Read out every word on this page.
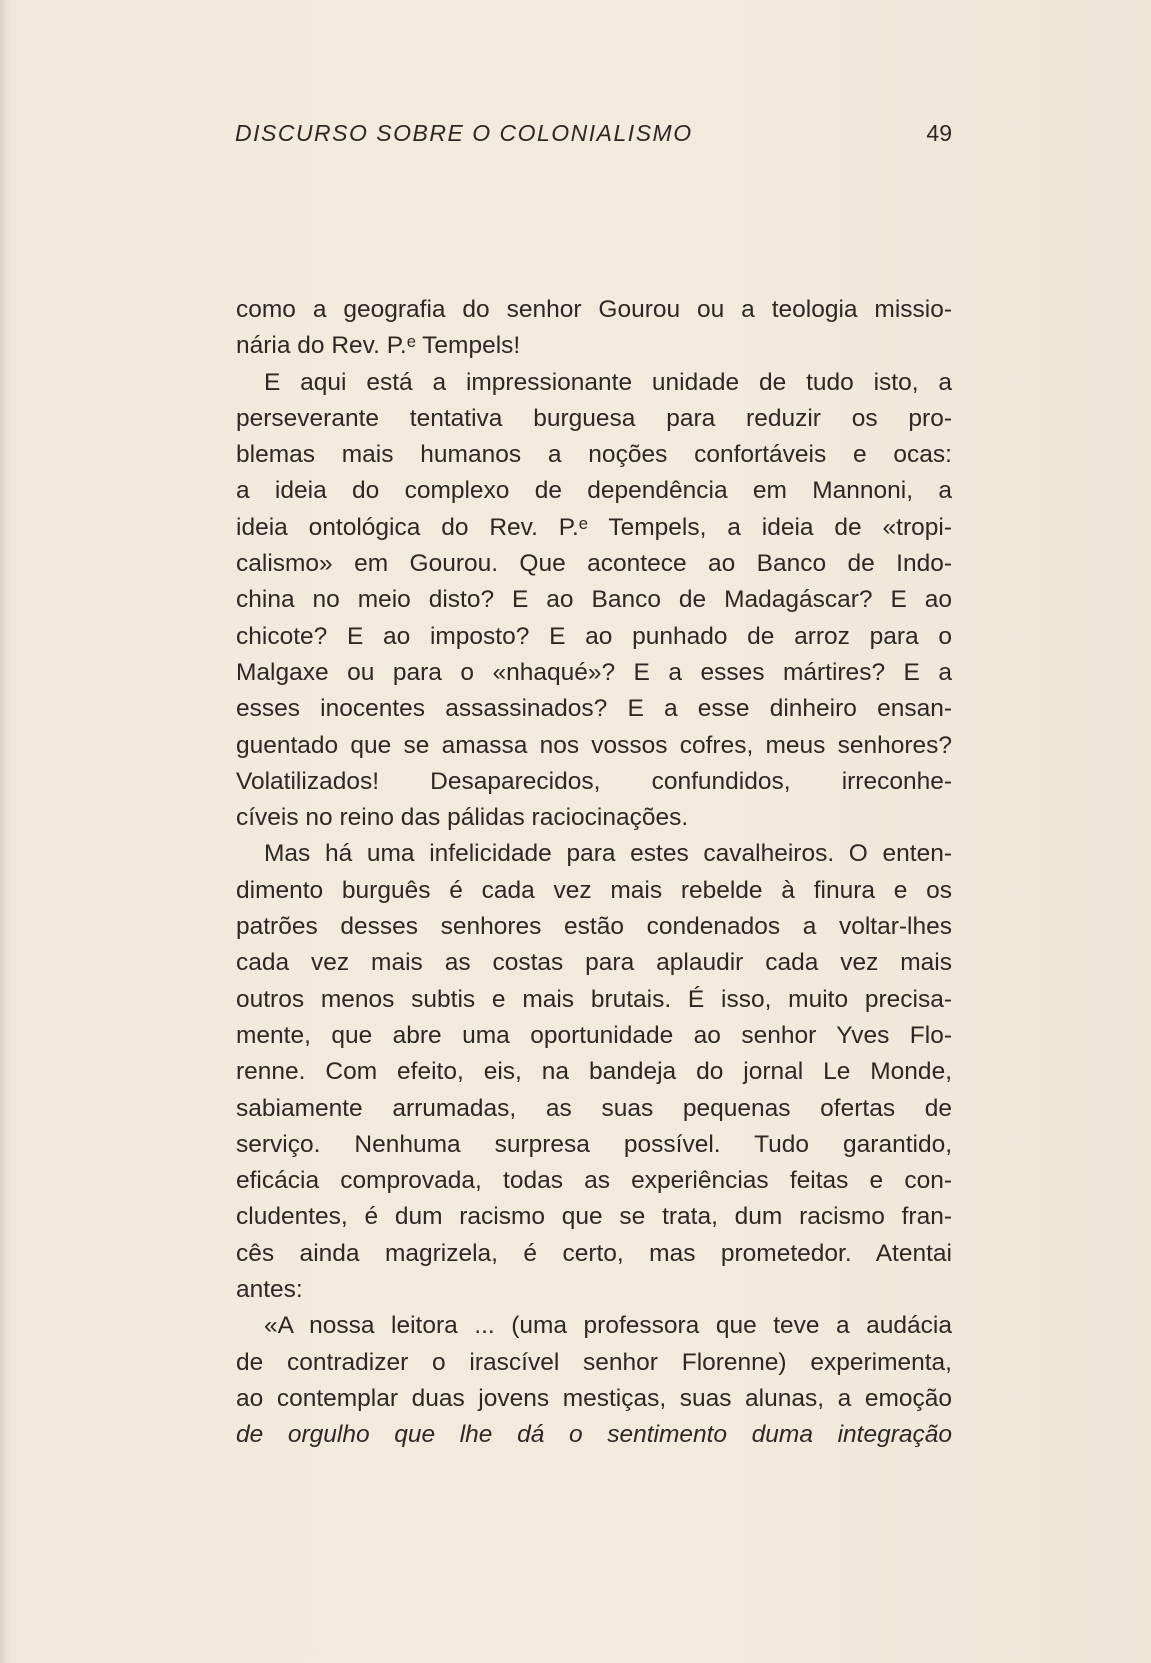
DISCURSO SOBRE O COLONIALISMO	49
como a geografia do senhor Gourou ou a teologia missio-
nária do Rev. P.ᵉ Tempels!
E aqui está a impressionante unidade de tudo isto, a
perseverante tentativa burguesa para reduzir os pro-
blemas mais humanos a noções confortáveis e ocas:
a ideia do complexo de dependência em Mannoni, a
ideia ontológica do Rev. P.ᵉ Tempels, a ideia de «tropi-
calismo» em Gourou. Que acontece ao Banco de Indo-
china no meio disto? E ao Banco de Madagáscar? E ao
chicote? E ao imposto? E ao punhado de arroz para o
Malgaxe ou para o «nhaqué»? E a esses mártires? E a
esses inocentes assassinados? E a esse dinheiro ensan-
guentado que se amassa nos vossos cofres, meus senhores?
Volatilizados! Desaparecidos, confundidos, irreconhe-
cíveis no reino das pálidas raciocinações.
Mas há uma infelicidade para estes cavalheiros. O enten-
dimento burguês é cada vez mais rebelde à finura e os
patrões desses senhores estão condenados a voltar-lhes
cada vez mais as costas para aplaudir cada vez mais
outros menos subtis e mais brutais. É isso, muito precisa-
mente, que abre uma oportunidade ao senhor Yves Flo-
renne. Com efeito, eis, na bandeja do jornal Le Monde,
sabiamente arrumadas, as suas pequenas ofertas de
serviço. Nenhuma surpresa possível. Tudo garantido,
eficácia comprovada, todas as experiências feitas e con-
cludentes, é dum racismo que se trata, dum racismo fran-
cês ainda magrizela, é certo, mas prometedor. Atentai
antes:
«A nossa leitora ... (uma professora que teve a audácia
de contradizer o irascível senhor Florenne) experimenta,
ao contemplar duas jovens mestiças, suas alunas, a emoção
de orgulho que lhe dá o sentimento duma integração
